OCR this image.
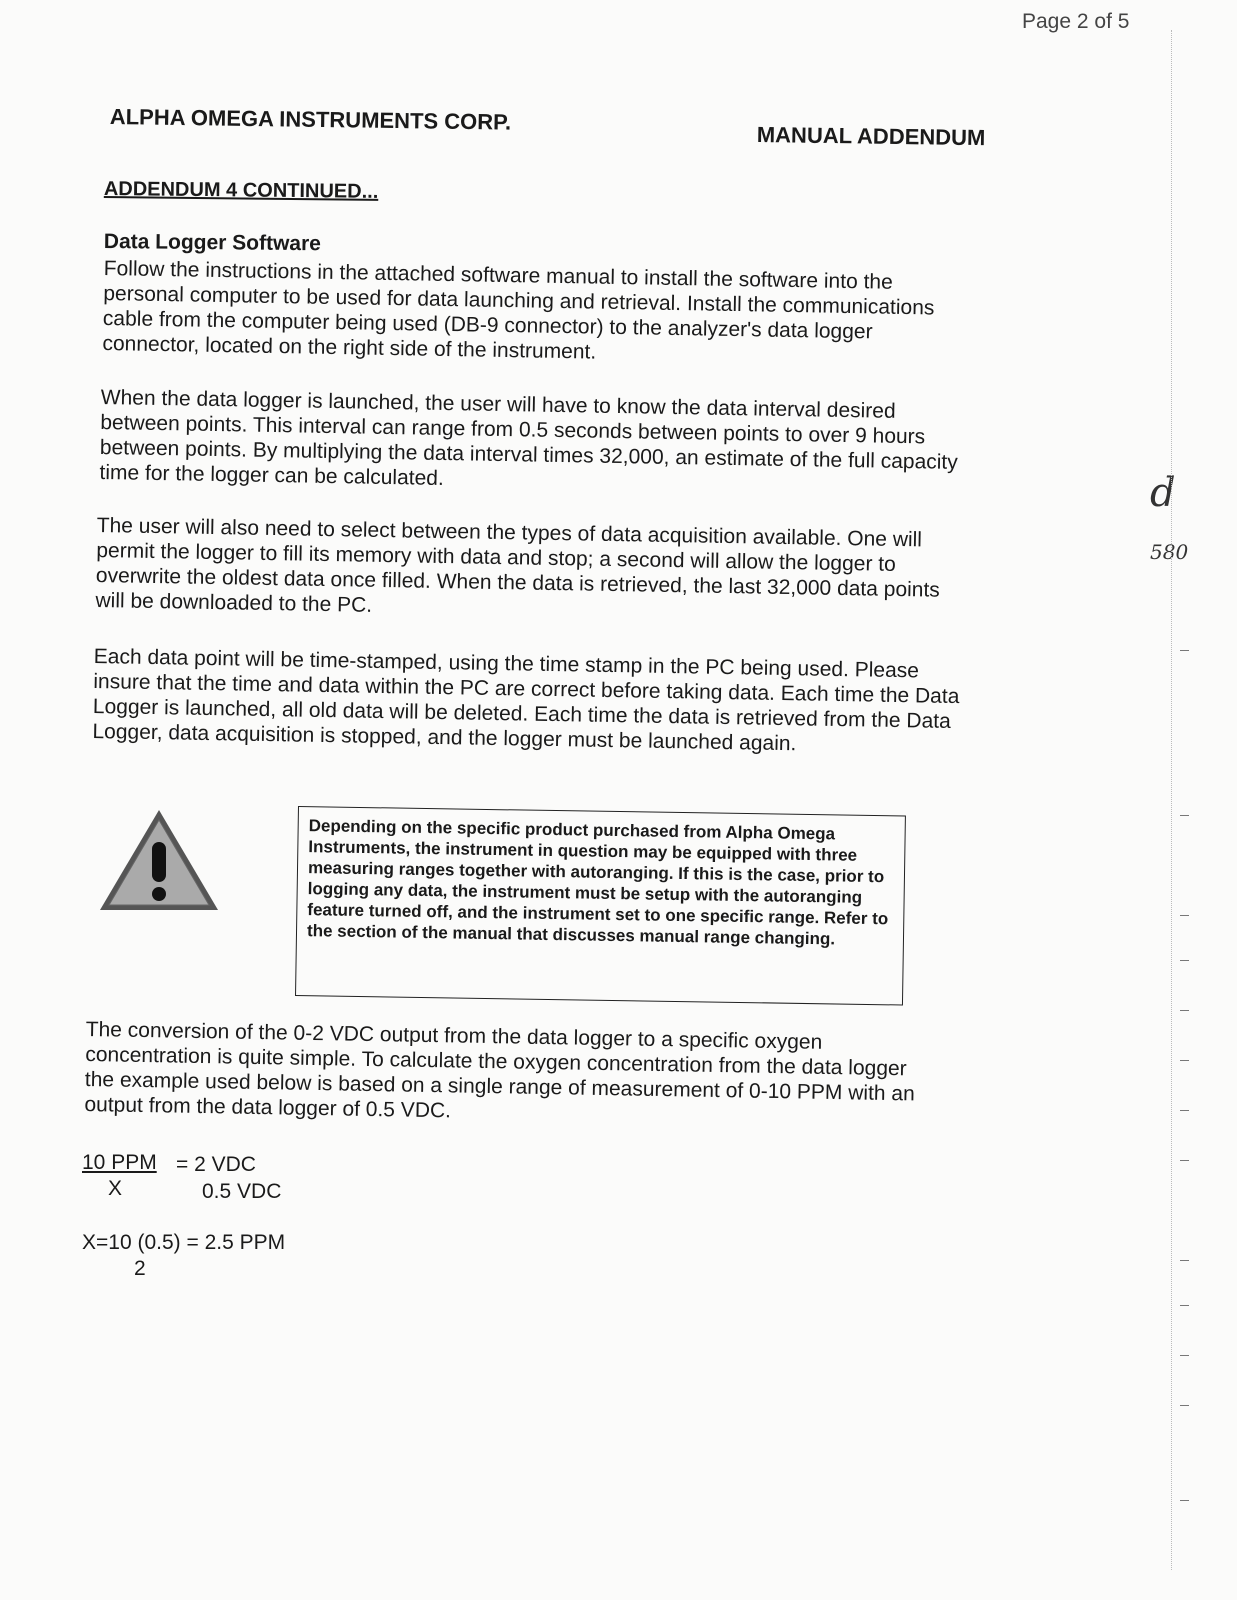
Page 2 of 5
ALPHA OMEGA INSTRUMENTS CORP.
MANUAL ADDENDUM
ADDENDUM 4 CONTINUED...
Data Logger Software

Follow the instructions in the attached software manual to install the software into the personal computer to be used for data launching and retrieval. Install the communications cable from the computer being used (DB-9 connector) to the analyzer's data logger connector, located on the right side of the instrument.

When the data logger is launched, the user will have to know the data interval desired between points. This interval can range from 0.5 seconds between points to over 9 hours between points. By multiplying the data interval times 32,000, an estimate of the full capacity time for the logger can be calculated.

The user will also need to select between the types of data acquisition available. One will permit the logger to fill its memory with data and stop; a second will allow the logger to overwrite the oldest data once filled. When the data is retrieved, the last 32,000 data points will be downloaded to the PC.

Each data point will be time-stamped, using the time stamp in the PC being used. Please insure that the time and data within the PC are correct before taking data. Each time the Data Logger is launched, all old data will be deleted. Each time the data is retrieved from the Data Logger, data acquisition is stopped, and the logger must be launched again.

Depending on the specific product purchased from Alpha Omega Instruments, the instrument in question may be equipped with three measuring ranges together with autoranging. If this is the case, prior to logging any data, the instrument must be setup with the autoranging feature turned off, and the instrument set to one specific range. Refer to the section of the manual that discusses manual range changing.

The conversion of the 0-2 VDC output from the data logger to a specific oxygen concentration is quite simple. To calculate the oxygen concentration from the data logger the example used below is based on a single range of measurement of 0-10 PPM with an output from the data logger of 0.5 VDC.

10 PPM
X
= 2 VDC
0.5 VDC
X=10 (0.5) = 2.5 PPM
2
d
580
